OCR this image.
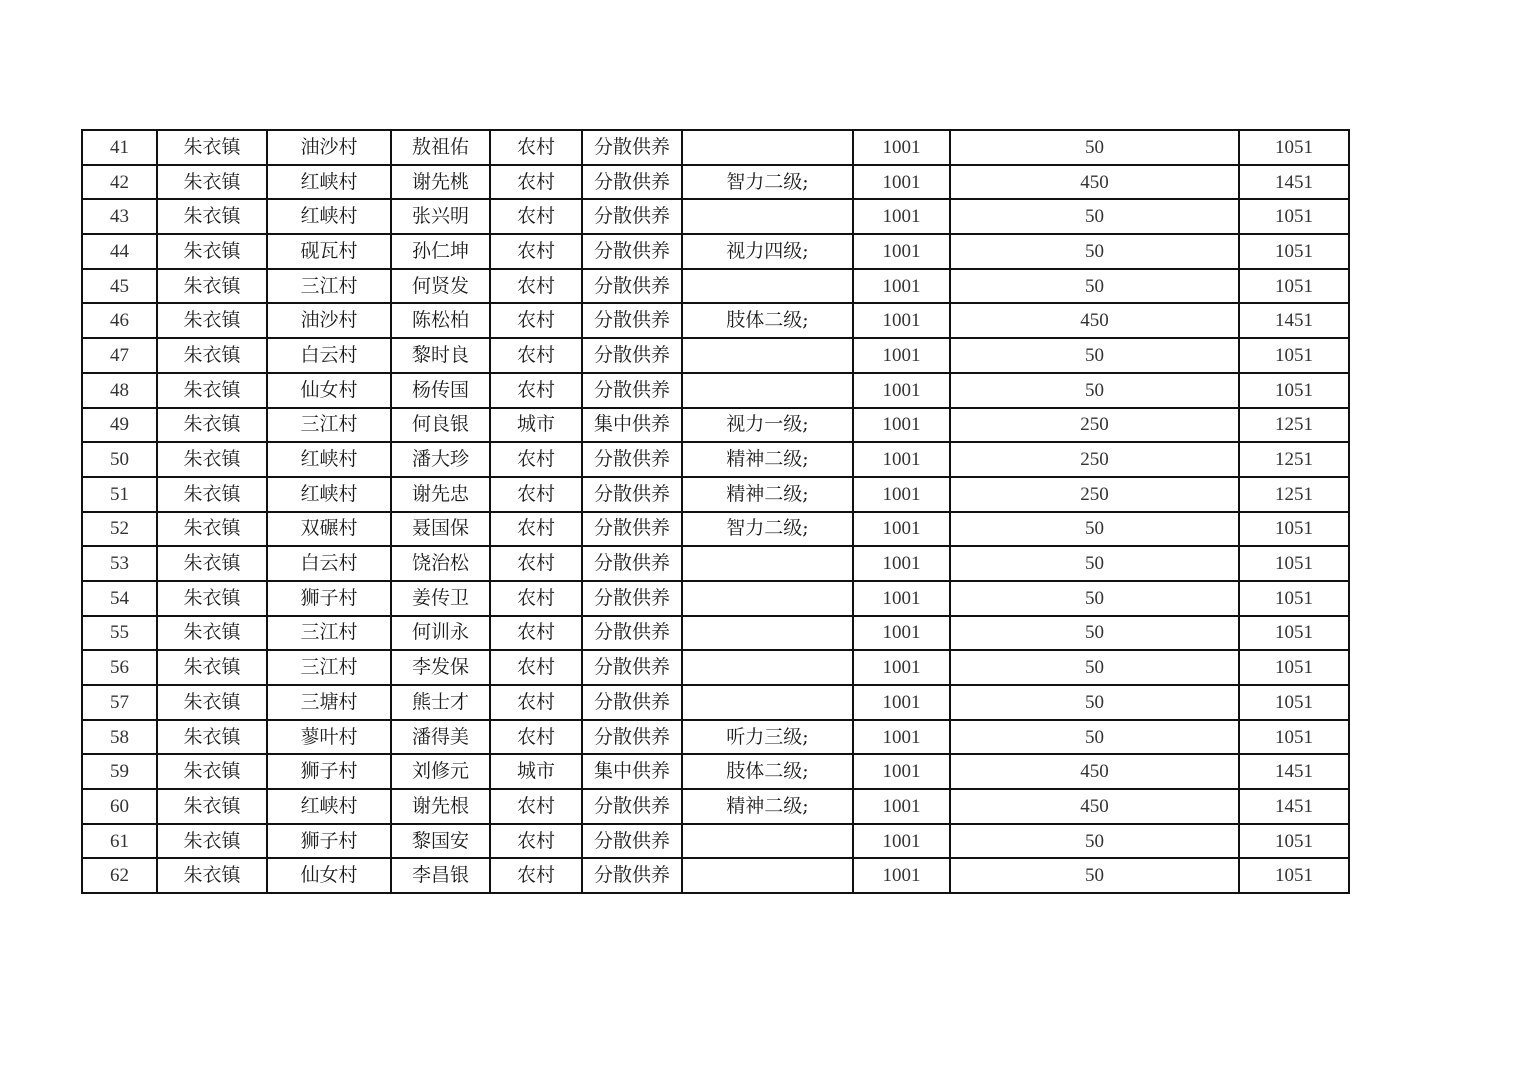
41	朱衣镇	油沙村	敖祖佑	农村	分散供养		1001	50	1051
42	朱衣镇	红峡村	谢先桃	农村	分散供养	智力二级;	1001	450	1451
43	朱衣镇	红峡村	张兴明	农村	分散供养		1001	50	1051
44	朱衣镇	砚瓦村	孙仁坤	农村	分散供养	视力四级;	1001	50	1051
45	朱衣镇	三江村	何贤发	农村	分散供养		1001	50	1051
46	朱衣镇	油沙村	陈松柏	农村	分散供养	肢体二级;	1001	450	1451
47	朱衣镇	白云村	黎时良	农村	分散供养		1001	50	1051
48	朱衣镇	仙女村	杨传国	农村	分散供养		1001	50	1051
49	朱衣镇	三江村	何良银	城市	集中供养	视力一级;	1001	250	1251
50	朱衣镇	红峡村	潘大珍	农村	分散供养	精神二级;	1001	250	1251
51	朱衣镇	红峡村	谢先忠	农村	分散供养	精神二级;	1001	250	1251
52	朱衣镇	双碾村	聂国保	农村	分散供养	智力二级;	1001	50	1051
53	朱衣镇	白云村	饶治松	农村	分散供养		1001	50	1051
54	朱衣镇	狮子村	姜传卫	农村	分散供养		1001	50	1051
55	朱衣镇	三江村	何训永	农村	分散供养		1001	50	1051
56	朱衣镇	三江村	李发保	农村	分散供养		1001	50	1051
57	朱衣镇	三塘村	熊士才	农村	分散供养		1001	50	1051
58	朱衣镇	蓼叶村	潘得美	农村	分散供养	听力三级;	1001	50	1051
59	朱衣镇	狮子村	刘修元	城市	集中供养	肢体二级;	1001	450	1451
60	朱衣镇	红峡村	谢先根	农村	分散供养	精神二级;	1001	450	1451
61	朱衣镇	狮子村	黎国安	农村	分散供养		1001	50	1051
62	朱衣镇	仙女村	李昌银	农村	分散供养		1001	50	1051
